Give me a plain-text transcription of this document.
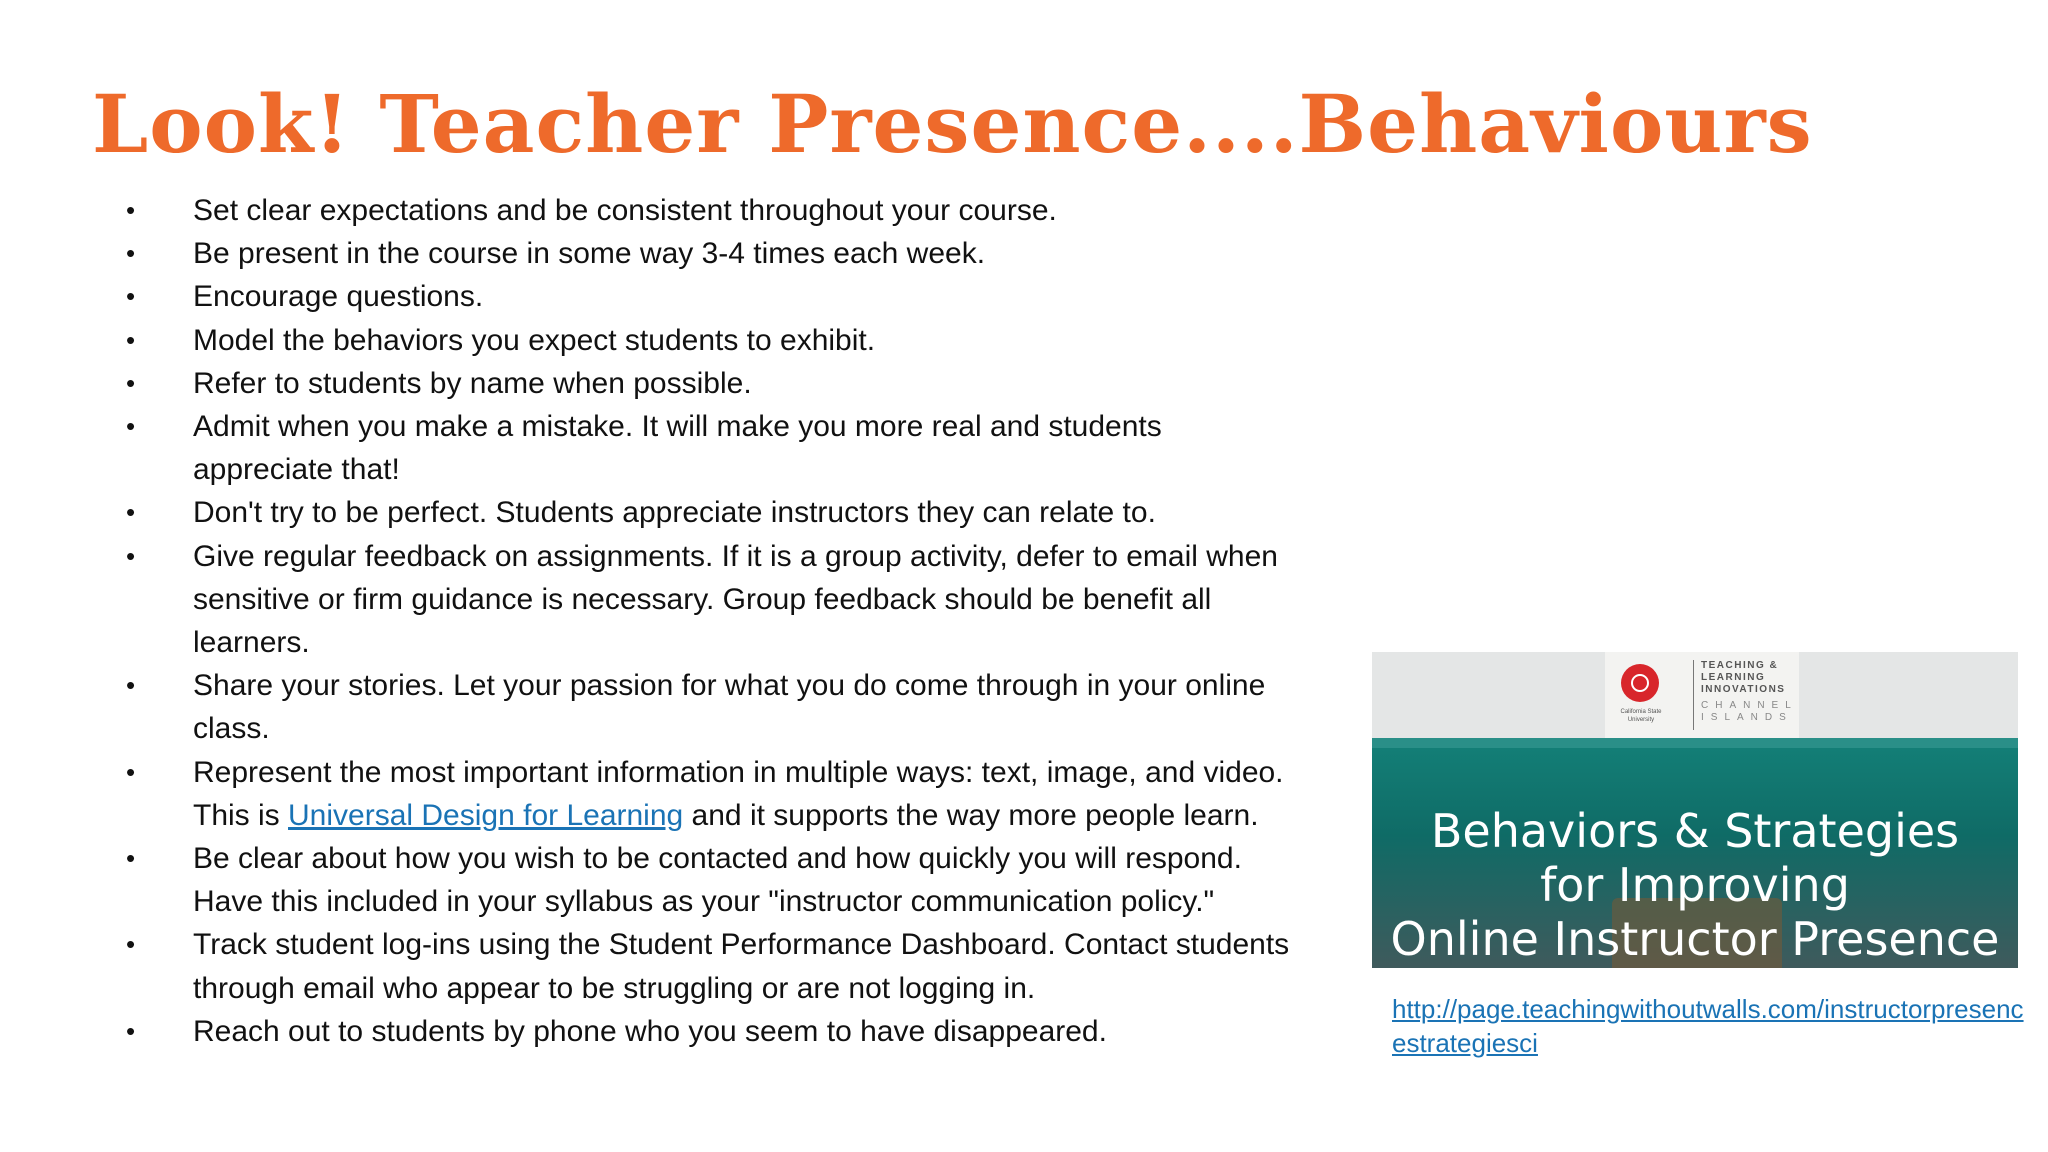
Look! Teacher Presence....Behaviours
• Set clear expectations and be consistent throughout your course.
• Be present in the course in some way 3-4 times each week.
• Encourage questions.
• Model the behaviors you expect students to exhibit.
• Refer to students by name when possible.
• Admit when you make a mistake. It will make you more real and students appreciate that!
• Don't try to be perfect. Students appreciate instructors they can relate to.
• Give regular feedback on assignments. If it is a group activity, defer to email when sensitive or firm guidance is necessary. Group feedback should be benefit all learners.
• Share your stories. Let your passion for what you do come through in your online class.
• Represent the most important information in multiple ways: text, image, and video. This is Universal Design for Learning and it supports the way more people learn.
• Be clear about how you wish to be contacted and how quickly you will respond. Have this included in your syllabus as your "instructor communication policy."
• Track student log-ins using the Student Performance Dashboard. Contact students through email who appear to be struggling or are not logging in.
• Reach out to students by phone who you seem to have disappeared.
California State University
TEACHING & LEARNING INNOVATIONS
CHANNEL ISLANDS

Behaviors & Strategies
for Improving
Online Instructor Presence

http://page.teachingwithoutwalls.com/instructorpresencestrategiesci
